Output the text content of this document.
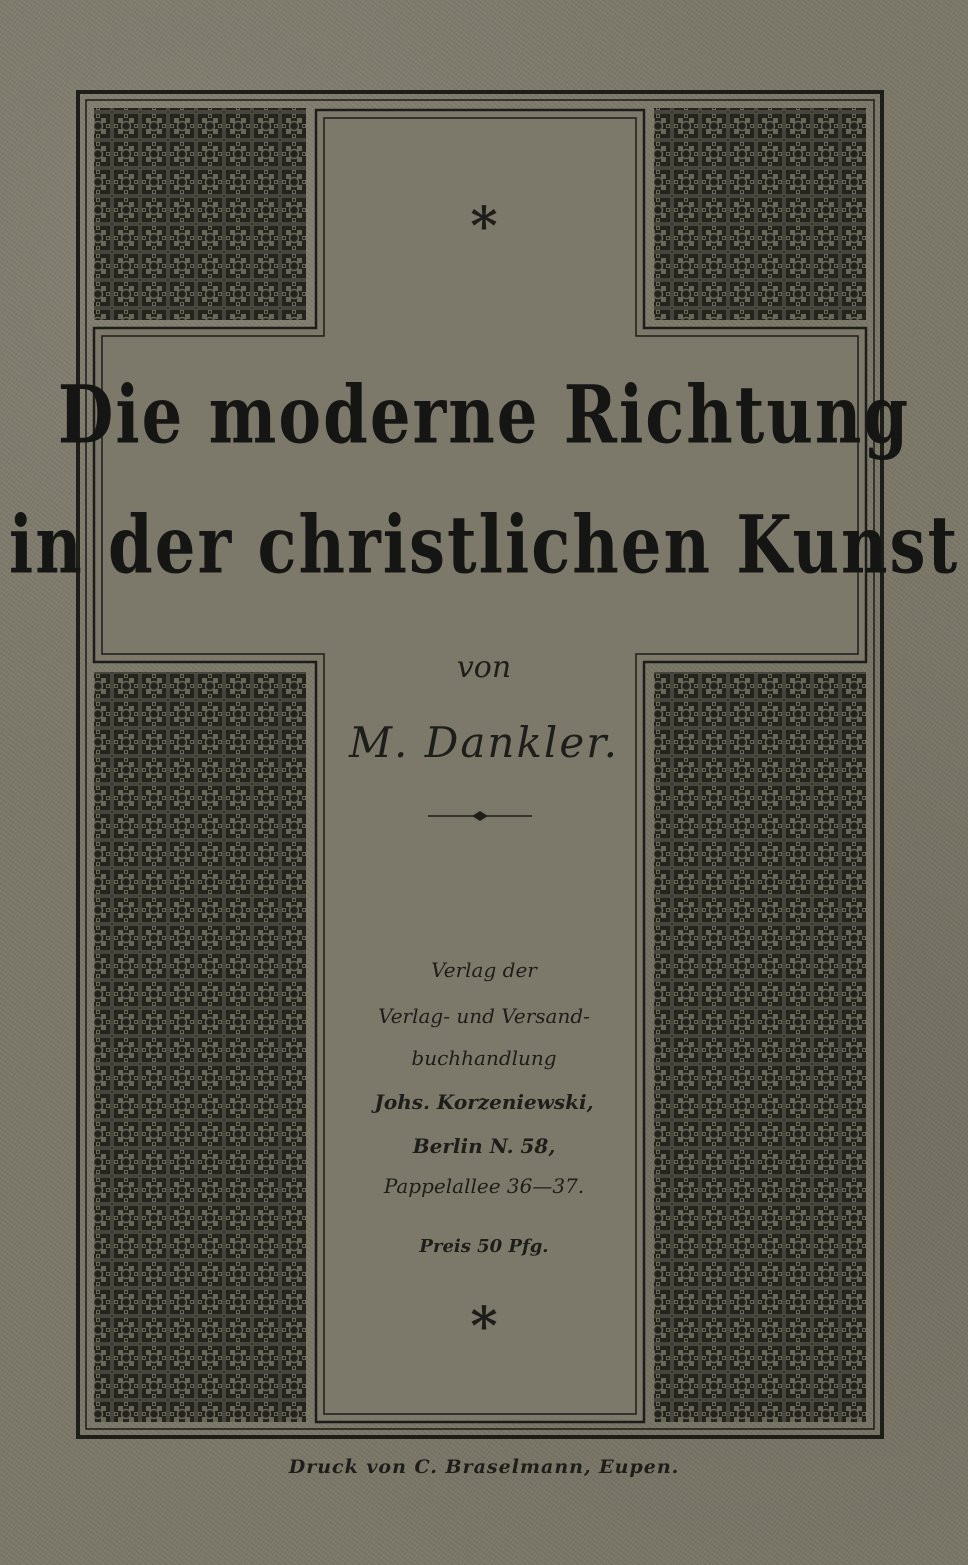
*
Die moderne Richtung
in der christlichen Kunst
von
M. Dankler.
Verlag der
Verlag- und Versand-
buchhandlung
Johs. Korzeniewski,
Berlin N. 58,
Pappelallee 36—37.
Preis 50 Pfg.
*
Druck von C. Braselmann, Eupen.
